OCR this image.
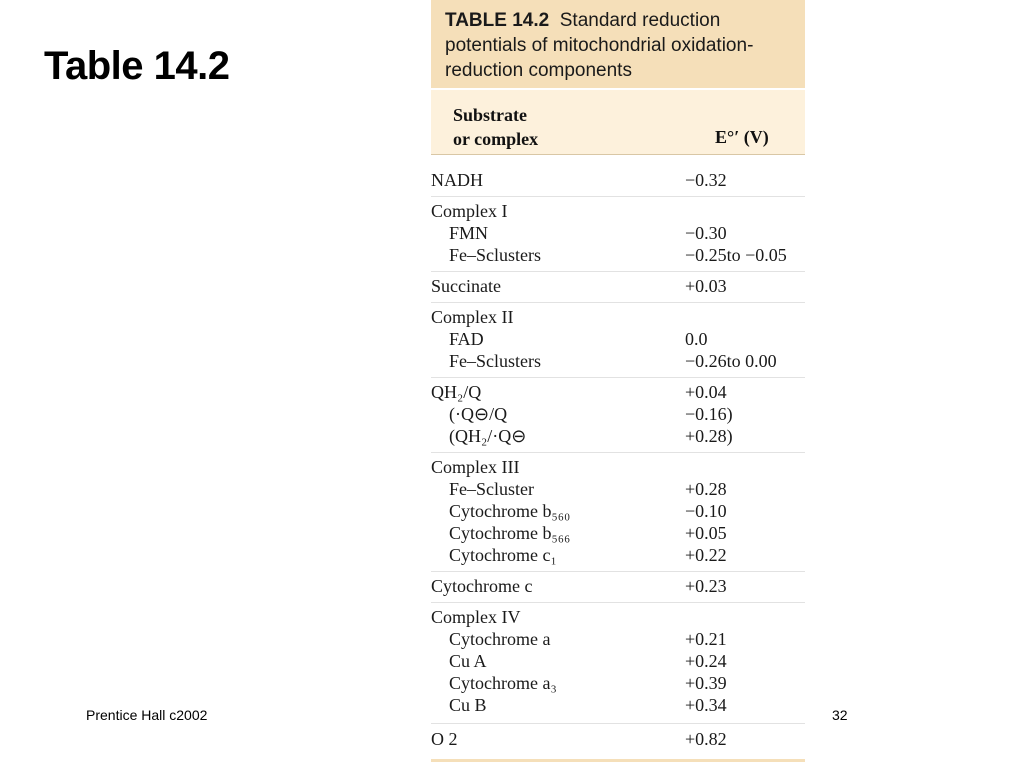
Table 14.2
TABLE 14.2 Standard reduction potentials of mitochondrial oxidation-reduction components
Substrate
or complex	E°′ (V)
NADH	−0.32
Complex I
FMN	−0.30
Fe–Sclusters	−0.25to −0.05
Succinate	+0.03
Complex II
FAD	0.0
Fe–Sclusters	−0.26to 0.00
QH₂/Q	+0.04
(·Q⊖/Q	−0.16)
(QH₂/·Q⊖	+0.28)
Complex III
Fe–Scluster	+0.28
Cytochrome b₅₆₀	−0.10
Cytochrome b₅₆₆	+0.05
Cytochrome c₁	+0.22
Cytochrome c	+0.23
Complex IV
Cytochrome a	+0.21
Cu A	+0.24
Cytochrome a₃	+0.39
Cu B	+0.34
O 2	+0.82
Prentice Hall c2002	32
